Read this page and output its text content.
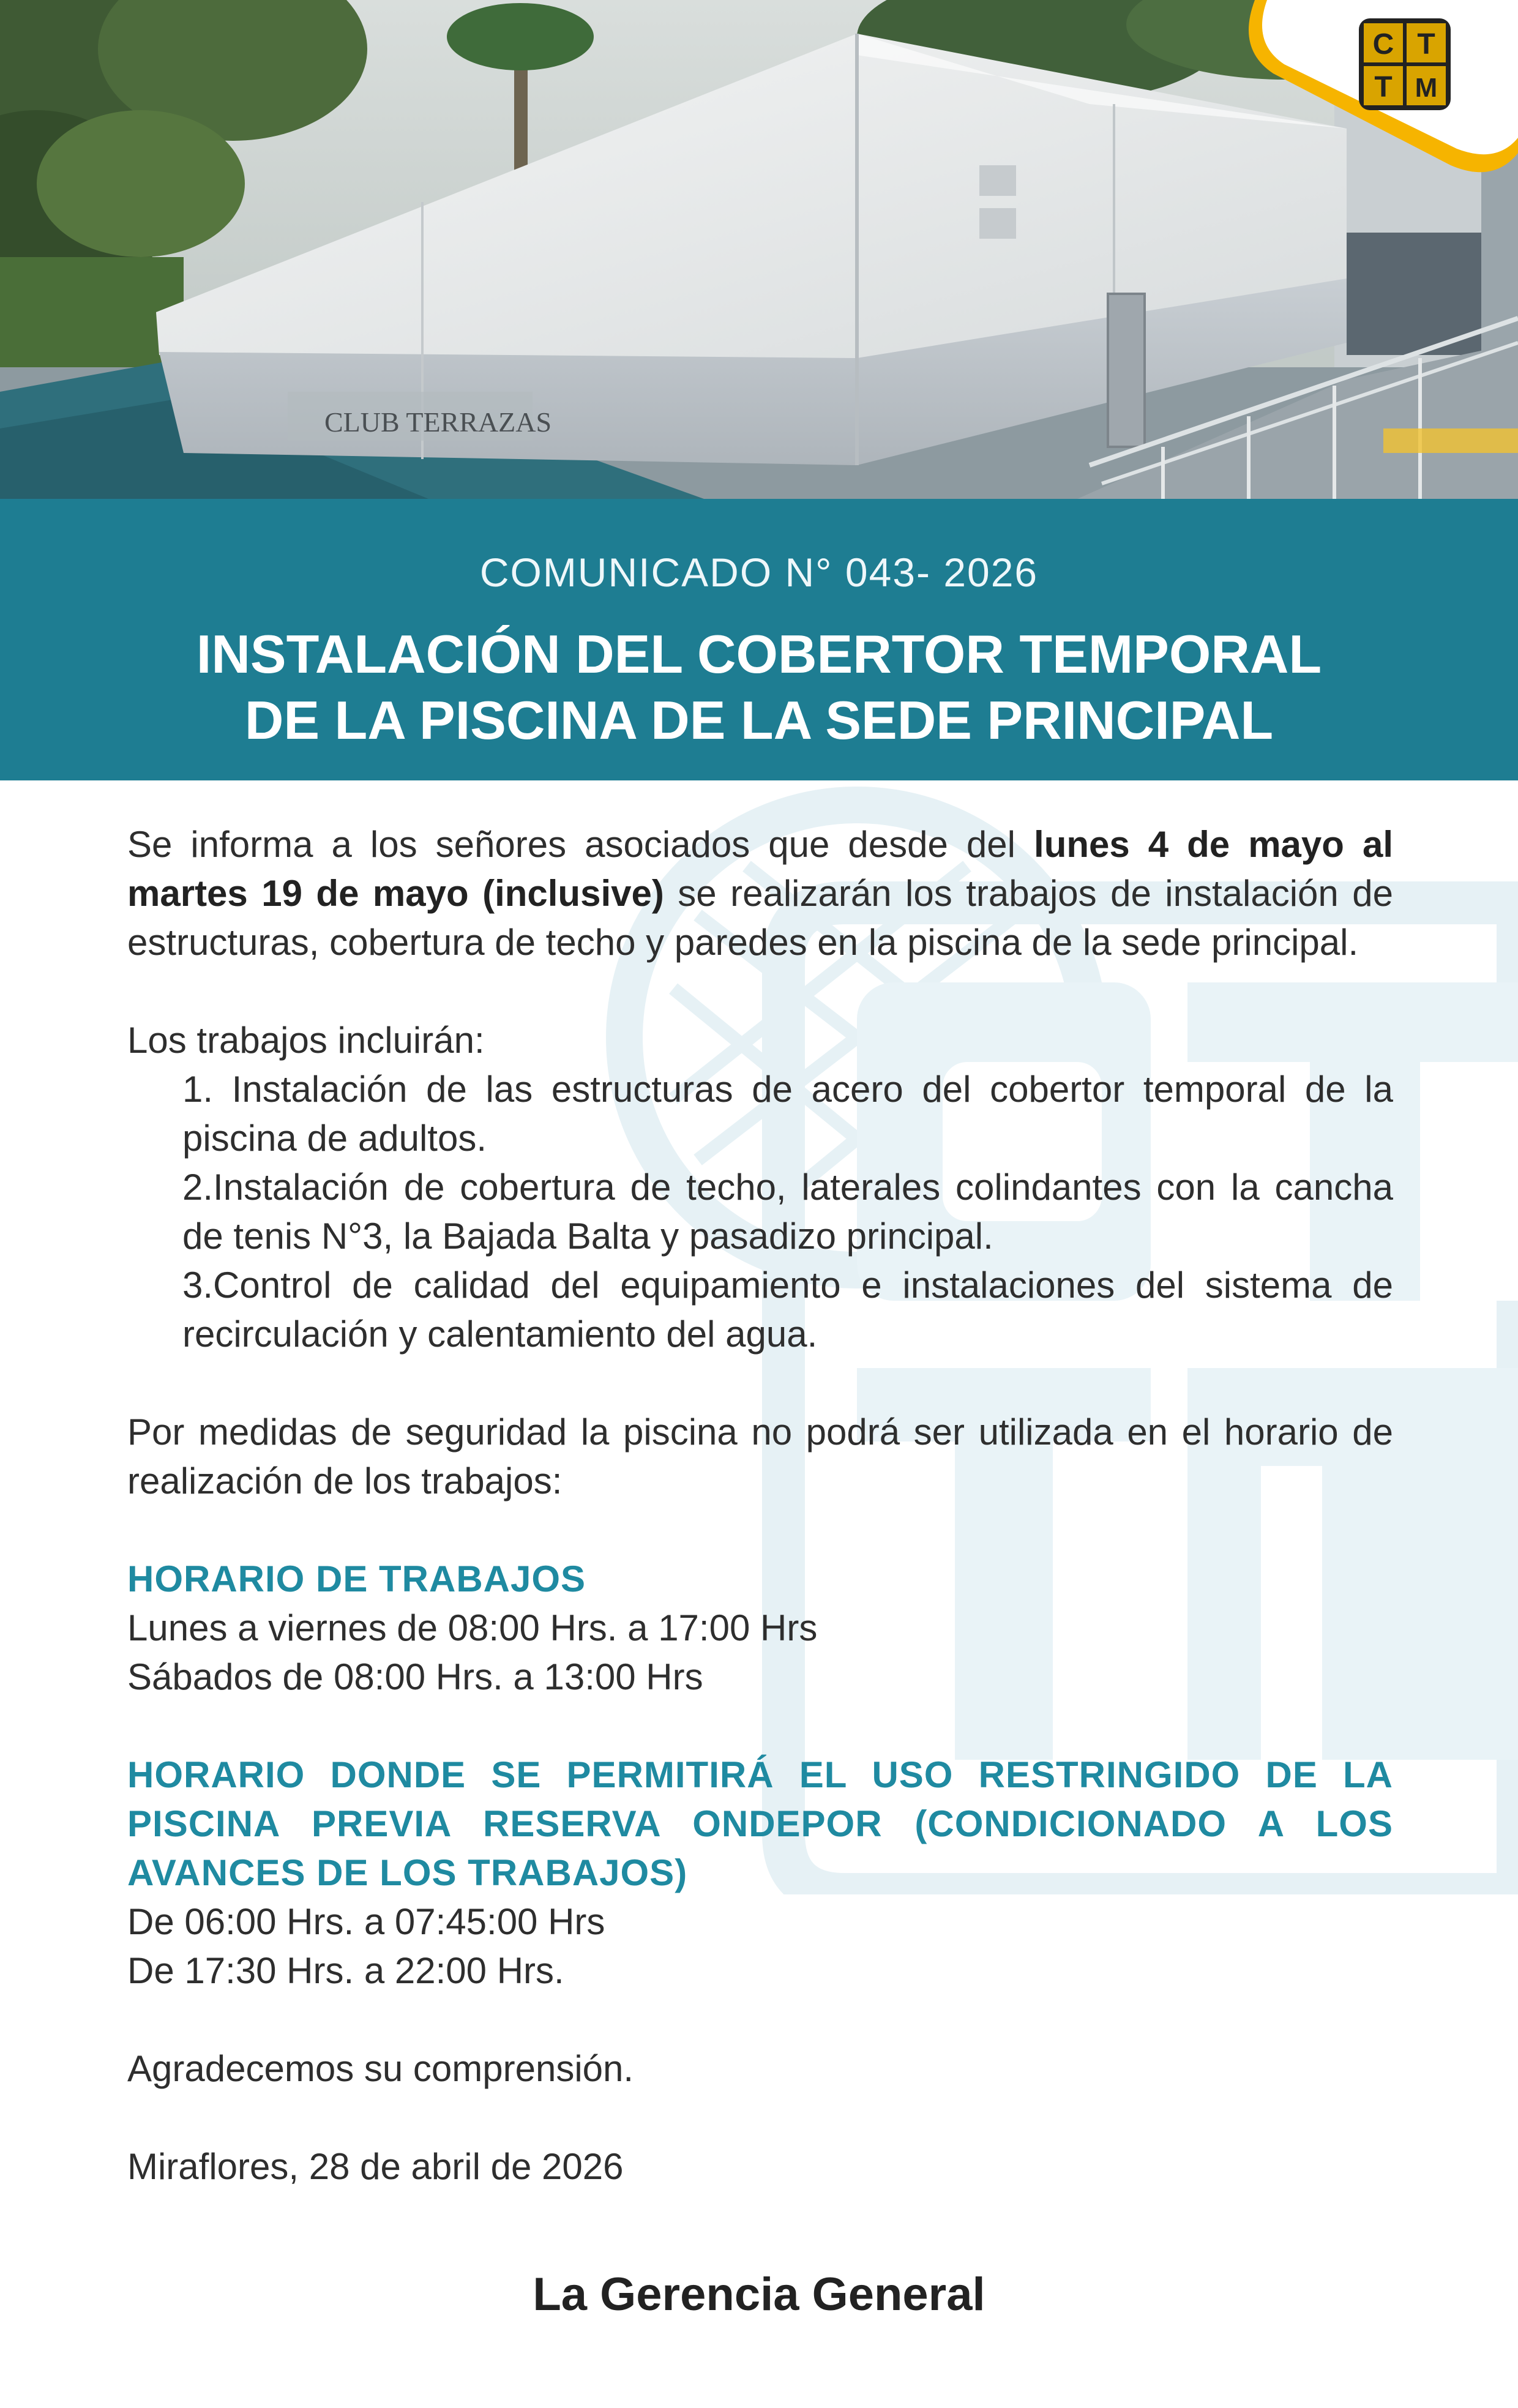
CLUB TERRAZAS
C T
T M
COMUNICADO N° 043- 2026
INSTALACIÓN DEL COBERTOR TEMPORAL
DE LA PISCINA DE LA SEDE PRINCIPAL

Se informa a los señores asociados que desde del lunes 4 de mayo al martes 19 de mayo (inclusive) se realizarán los trabajos de instalación de estructuras, cobertura de techo y paredes en la piscina de la sede principal.

Los trabajos incluirán:
1. Instalación de las estructuras de acero del cobertor temporal de la piscina de adultos.
2.Instalación de cobertura de techo, laterales colindantes con la cancha de tenis N°3, la Bajada Balta y pasadizo principal.
3.Control de calidad del equipamiento e instalaciones del sistema de recirculación y calentamiento del agua.

Por medidas de seguridad la piscina no podrá ser utilizada en el horario de realización de los trabajos:

HORARIO DE TRABAJOS
Lunes a viernes de 08:00 Hrs. a 17:00 Hrs
Sábados de 08:00 Hrs. a 13:00 Hrs
HORARIO DONDE SE PERMITIRÁ EL USO RESTRINGIDO DE LA PISCINA PREVIA RESERVA ONDEPOR (CONDICIONADO A LOS AVANCES DE LOS TRABAJOS)
De 06:00 Hrs. a 07:45:00 Hrs
De 17:30 Hrs. a 22:00 Hrs.
Agradecemos su comprensión.
Miraflores, 28 de abril de 2026
La Gerencia General
